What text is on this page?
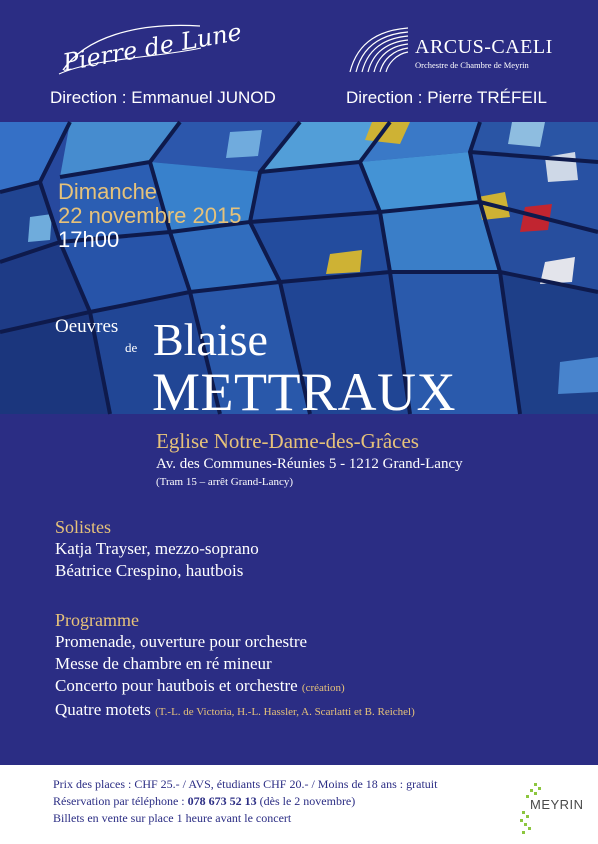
Pierre de Lune	ARCUS-CAELI
Orchestre de Chambre de Meyrin
Direction : Emmanuel JUNOD	Direction : Pierre TRÉFEIL
Dimanche
22 novembre 2015
17h00
Oeuvres
de Blaise
METTRAUX
Eglise Notre-Dame-des-Grâces
Av. des Communes-Réunies 5 - 1212 Grand-Lancy
(Tram 15 – arrêt Grand-Lancy)
Solistes
Katja Trayser, mezzo-soprano
Béatrice Crespino, hautbois
Programme
Promenade, ouverture pour orchestre
Messe de chambre en ré mineur
Concerto pour hautbois et orchestre (création)
Quatre motets (T.-L. de Victoria, H.-L. Hassler, A. Scarlatti et B. Reichel)
Prix des places : CHF 25.- / AVS, étudiants CHF 20.- / Moins de 18 ans : gratuit
Réservation par téléphone : 078 673 52 13 (dès le 2 novembre)
Billets en vente sur place 1 heure avant le concert
MEYRIN
